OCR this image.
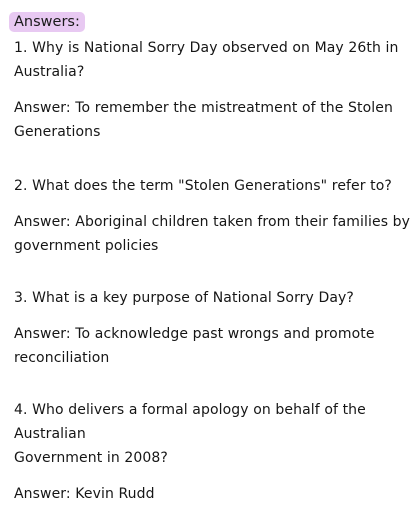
Answers:

1. Why is National Sorry Day observed on May 26th in

Australia?

Answer: To remember the mistreatment of the Stolen

Generations

2. What does the term "Stolen Generations" refer to?

Answer: Aboriginal children taken from their families by

government policies

3. What is a key purpose of National Sorry Day?

Answer: To acknowledge past wrongs and promote

reconciliation

4. Who delivers a formal apology on behalf of the Australian

Government in 2008?

Answer: Kevin Rudd
